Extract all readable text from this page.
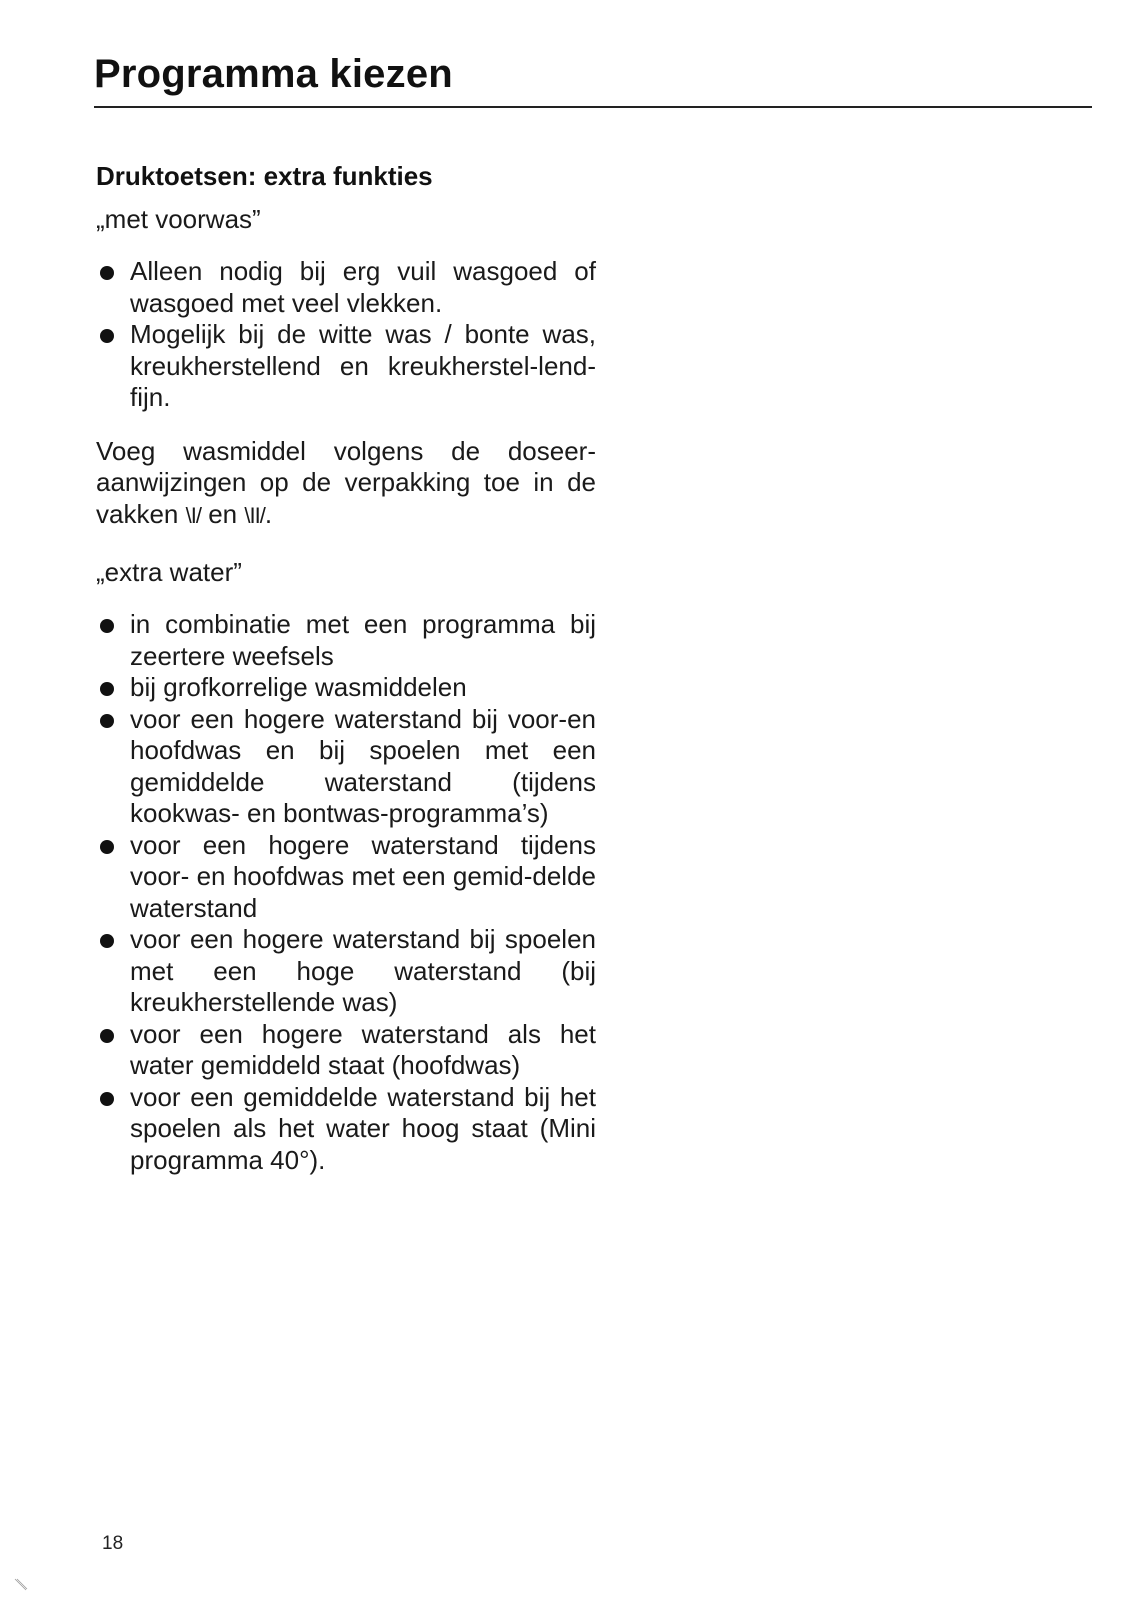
Programma kiezen
Druktoetsen: extra funkties
„met voorwas”
Alleen nodig bij erg vuil wasgoed of wasgoed met veel vlekken.
Mogelijk bij de witte was / bonte was, kreukherstellend en kreukherstel-lend-fijn.

Voeg wasmiddel volgens de doseer-aanwijzingen op de verpakking toe in de vakken \I/ en \II/.

„extra water”
in combinatie met een programma bij zeertere weefsels
bij grofkorrelige wasmiddelen
voor een hogere waterstand bij voor-en hoofdwas en bij spoelen met een gemiddelde waterstand (tijdens kookwas- en bontwas-programma’s)
voor een hogere waterstand tijdens voor- en hoofdwas met een gemid-delde waterstand
voor een hogere waterstand bij spoelen met een hoge waterstand (bij kreukherstellende was)
voor een hogere waterstand als het water gemiddeld staat (hoofdwas)
voor een gemiddelde waterstand bij het spoelen als het water hoog staat (Mini programma 40°).
18
